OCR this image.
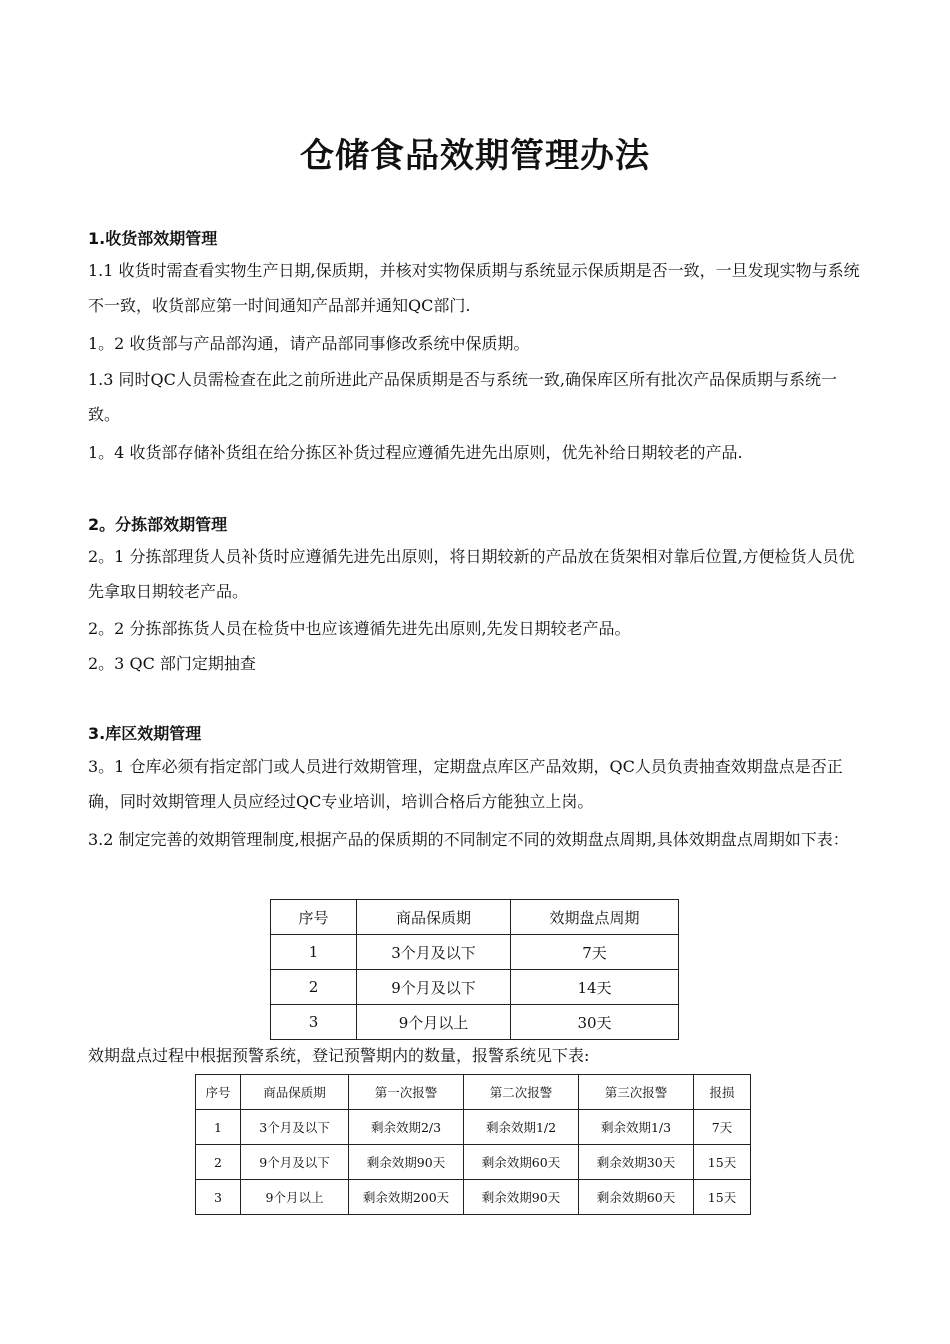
仓储食品效期管理办法
1.收货部效期管理
1.1 收货时需查看实物生产日期,保质期，并核对实物保质期与系统显示保质期是否一致，一旦发现实物与系统不一致，收货部应第一时间通知产品部并通知QC部门.
1。2 收货部与产品部沟通，请产品部同事修改系统中保质期。
1.3 同时QC人员需检查在此之前所进此产品保质期是否与系统一致,确保库区所有批次产品保质期与系统一致。
1。4 收货部存储补货组在给分拣区补货过程应遵循先进先出原则，优先补给日期较老的产品.
2。分拣部效期管理
2。1 分拣部理货人员补货时应遵循先进先出原则，将日期较新的产品放在货架相对靠后位置,方便检货人员优先拿取日期较老产品。
2。2 分拣部拣货人员在检货中也应该遵循先进先出原则,先发日期较老产品。
2。3 QC 部门定期抽查
3.库区效期管理
3。1 仓库必须有指定部门或人员进行效期管理，定期盘点库区产品效期，QC人员负责抽查效期盘点是否正确，同时效期管理人员应经过QC专业培训，培训合格后方能独立上岗。
3.2 制定完善的效期管理制度,根据产品的保质期的不同制定不同的效期盘点周期,具体效期盘点周期如下表：
序号	商品保质期	效期盘点周期
1	3个月及以下	7天
2	9个月及以下	14天
3	9个月以上	30天
效期盘点过程中根据预警系统，登记预警期内的数量，报警系统见下表:
序号	商品保质期	第一次报警	第二次报警	第三次报警	报损
1	3个月及以下	剩余效期2/3	剩余效期1/2	剩余效期1/3	7天
2	9个月及以下	剩余效期90天	剩余效期60天	剩余效期30天	15天
3	9个月以上	剩余效期200天	剩余效期90天	剩余效期60天	15天
